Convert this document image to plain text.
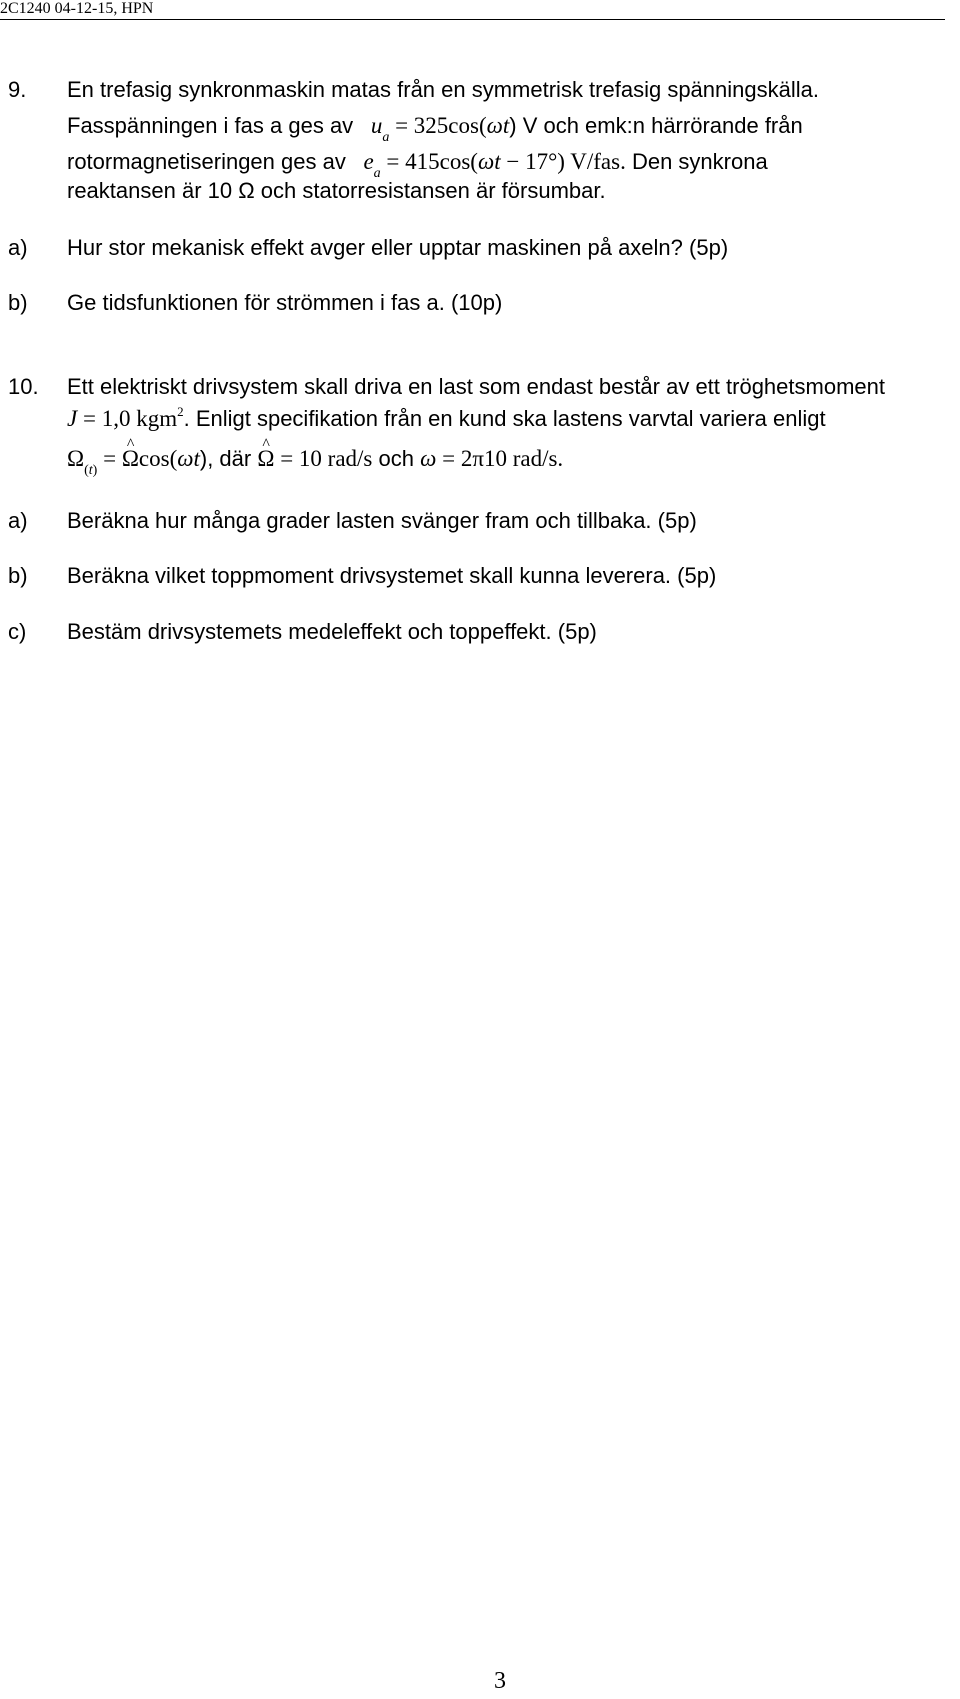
2C1240 04-12-15, HPN
9. En trefasig synkronmaskin matas från en symmetrisk trefasig spänningskälla.
Fasspänningen i fas a ges av $u_a = 325\cos(\omega t)$ V och emk:n härrörande från
rotormagnetiseringen ges av $e_a = 415\cos(\omega t - 17^\circ)$ V/fas. Den synkrona
reaktansen är 10 Ω och statorresistansen är försumbar.
a) Hur stor mekanisk effekt avger eller upptar maskinen på axeln? (5p)
b) Ge tidsfunktionen för strömmen i fas a. (10p)
10. Ett elektriskt drivsystem skall driva en last som endast består av ett tröghetsmoment
J = 1,0 kgm$^2$. Enligt specifikation från en kund ska lastens varvtal variera enligt
$\Omega_{(t)}$ = ^ Ωcos(ωt), där ^ Ω = 10 rad/s och ω = 2π10 rad/s.
a) Beräkna hur många grader lasten svänger fram och tillbaka. (5p)
b) Beräkna vilket toppmoment drivsystemet skall kunna leverera. (5p)
c) Bestäm drivsystemets medeleffekt och toppeffekt. (5p)
3
